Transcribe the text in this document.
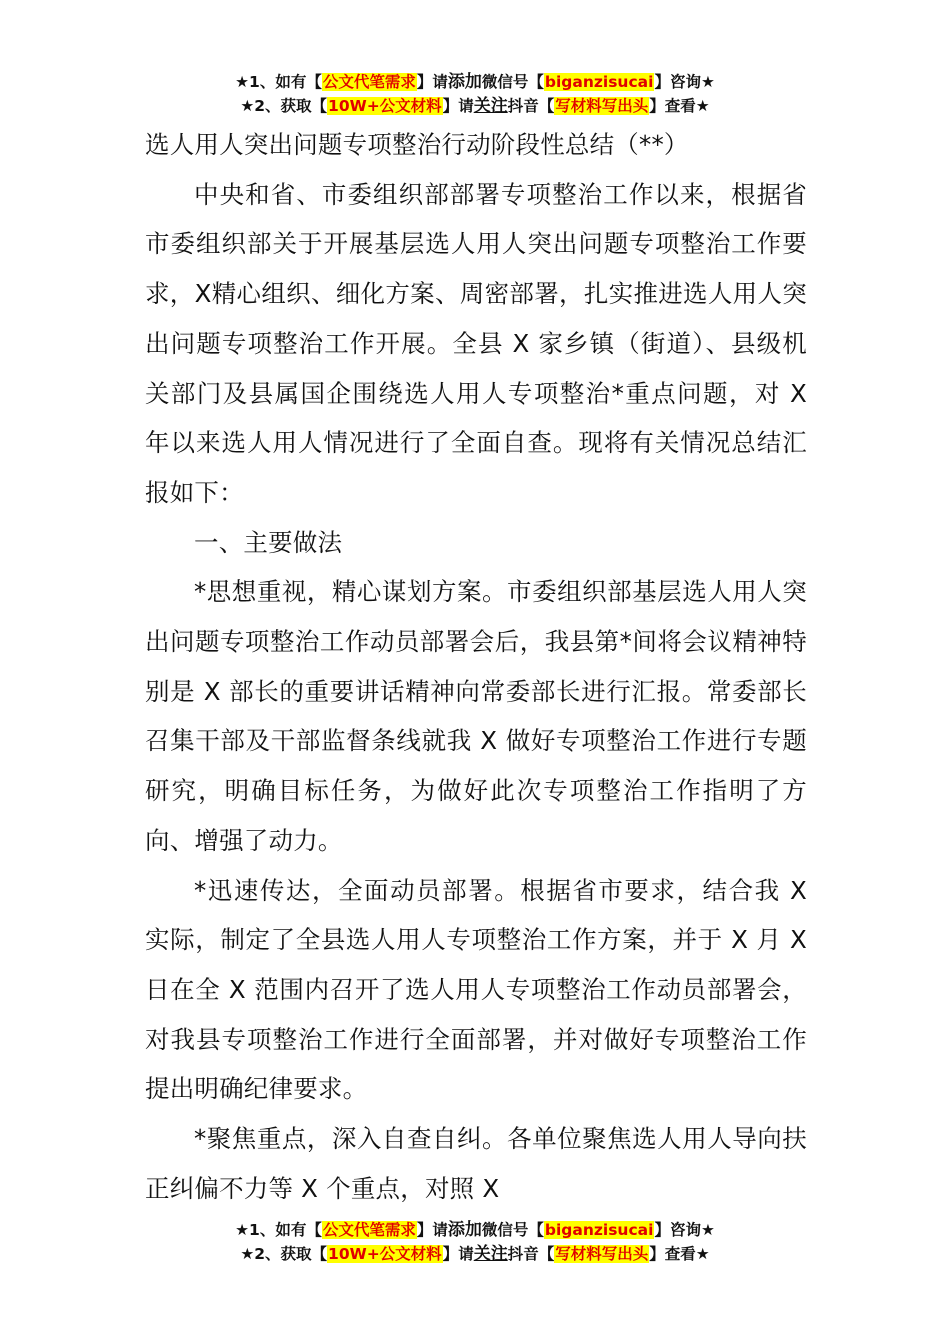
★1、如有【公文代笔需求】请添加微信号【biganzisucai】咨询★
★2、获取【10W+公文材料】请关注抖音【写材料写出头】查看★

选人用人突出问题专项整治行动阶段性总结（**）

中央和省、市委组织部部署专项整治工作以来，根据省市委组织部关于开展基层选人用人突出问题专项整治工作要求，X精心组织、细化方案、周密部署，扎实推进选人用人突出问题专项整治工作开展。全县 X 家乡镇（街道）、县级机关部门及县属国企围绕选人用人专项整治*重点问题，对 X 年以来选人用人情况进行了全面自查。现将有关情况总结汇报如下：

一、主要做法

*思想重视，精心谋划方案。市委组织部基层选人用人突出问题专项整治工作动员部署会后，我县第*间将会议精神特别是 X 部长的重要讲话精神向常委部长进行汇报。常委部长召集干部及干部监督条线就我 X 做好专项整治工作进行专题研究，明确目标任务，为做好此次专项整治工作指明了方向、增强了动力。

*迅速传达，全面动员部署。根据省市要求，结合我 X 实际，制定了全县选人用人专项整治工作方案，并于 X 月 X 日在全 X 范围内召开了选人用人专项整治工作动员部署会，对我县专项整治工作进行全面部署，并对做好专项整治工作提出明确纪律要求。

*聚焦重点，深入自查自纠。各单位聚焦选人用人导向扶正纠偏不力等 X 个重点，对照 X

★1、如有【公文代笔需求】请添加微信号【biganzisucai】咨询★
★2、获取【10W+公文材料】请关注抖音【写材料写出头】查看★
